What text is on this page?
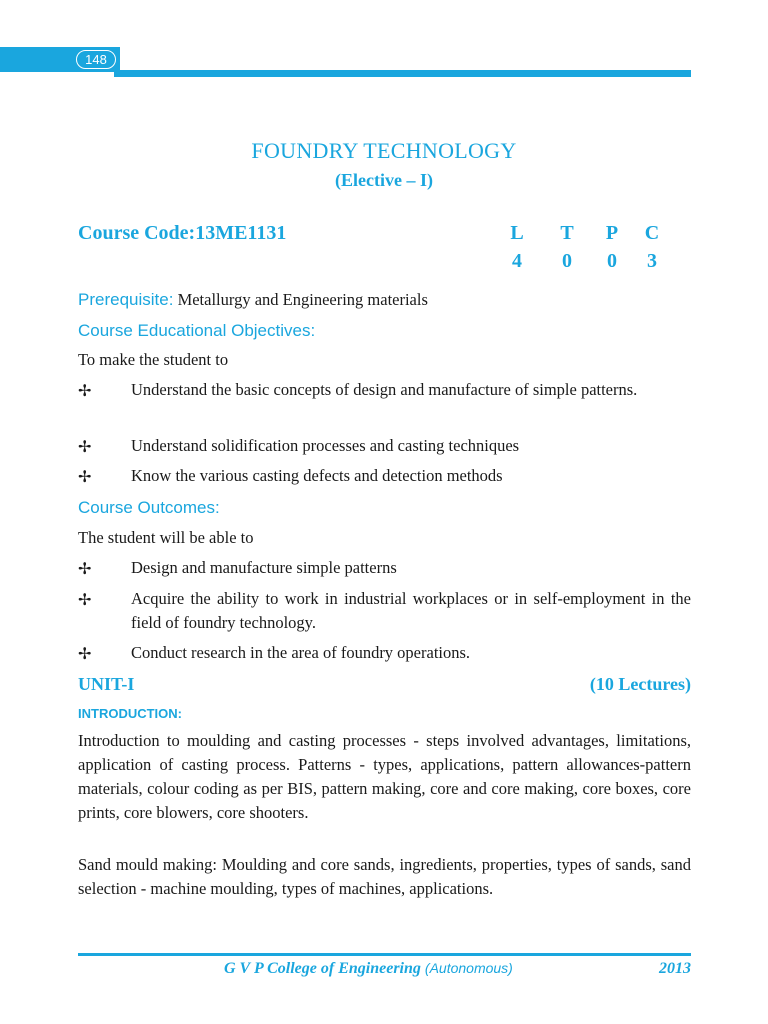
148
FOUNDRY TECHNOLOGY
(Elective – I)
Course Code:13ME1131	L T P C
4	0	0	3
Prerequisite: Metallurgy and Engineering materials
Course Educational Objectives:
To make the student to
✢ Understand the basic concepts of design and manufacture of simple patterns.
✢ Understand solidification processes and casting techniques
✢ Know the various casting defects and detection methods
Course Outcomes:
The student will be able to
✢ Design and manufacture simple patterns
✢ Acquire the ability to work in industrial workplaces or in self-employment in the field of foundry technology.
✢ Conduct research in the area of foundry operations.
UNIT-I	(10 Lectures)
INTRODUCTION:
Introduction to moulding and casting processes - steps involved advantages, limitations, application of casting process. Patterns - types, applications, pattern allowances-pattern materials, colour coding as per BIS, pattern making, core and core making, core boxes, core prints, core blowers, core shooters.
Sand mould making: Moulding and core sands, ingredients, properties, types of sands, sand selection - machine moulding, types of machines, applications.
G V P College of Engineering (Autonomous)	2013
